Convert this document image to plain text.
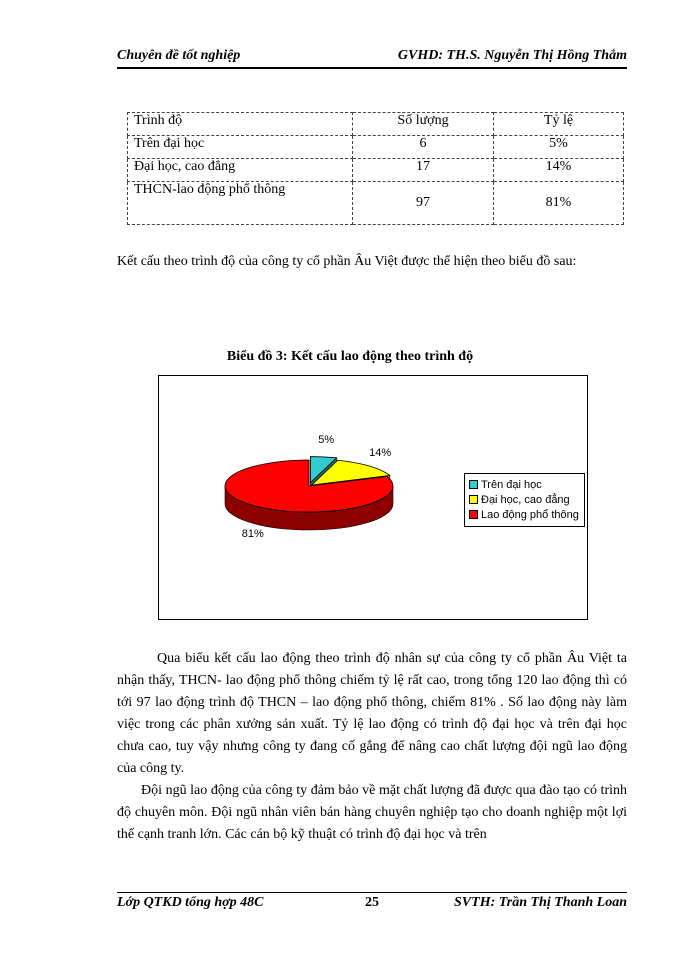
Chuyên đề tốt nghiệp	GVHD: TH.S. Nguyễn Thị Hồng Thắm
Trình độ	Số lượng	Tỷ lệ
Trên đại học	6	5%
Đại học, cao đẳng	17	14%
THCN-lao động phổ thông	97	81%
Kết cấu theo trình độ của công ty cổ phần Âu Việt được thể hiện theo biểu đồ sau:
Biểu đồ 3: Kết cấu lao động theo trình độ
5%
14%
81%
Trên đại học
Đại học, cao đẳng
Lao động phổ thông

Qua biểu kết cấu lao động theo trình độ nhân sự của công ty cổ phần Âu Việt ta nhận thấy, THCN- lao động phổ thông chiếm tỷ lệ rất cao, trong tổng 120 lao động thì có tới 97 lao động trình độ THCN – lao động phổ thông, chiếm 81% . Số lao động này làm việc trong các phân xưởng sản xuất. Tỷ lệ lao động có trình độ đại học và trên đại học chưa cao, tuy vậy nhưng công ty đang cố gắng để nâng cao chất lượng đội ngũ lao động của công ty.

Đội ngũ lao động của công ty đảm bảo về mặt chất lượng đã được qua đào tạo có trình độ chuyên môn. Đội ngũ nhân viên bán hàng chuyên nghiệp tạo cho doanh nghiệp một lợi thế cạnh tranh lớn. Các cán bộ kỹ thuật có trình độ đại học và trên

Lớp QTKD tổng hợp 48C	25	SVTH: Trần Thị Thanh Loan
